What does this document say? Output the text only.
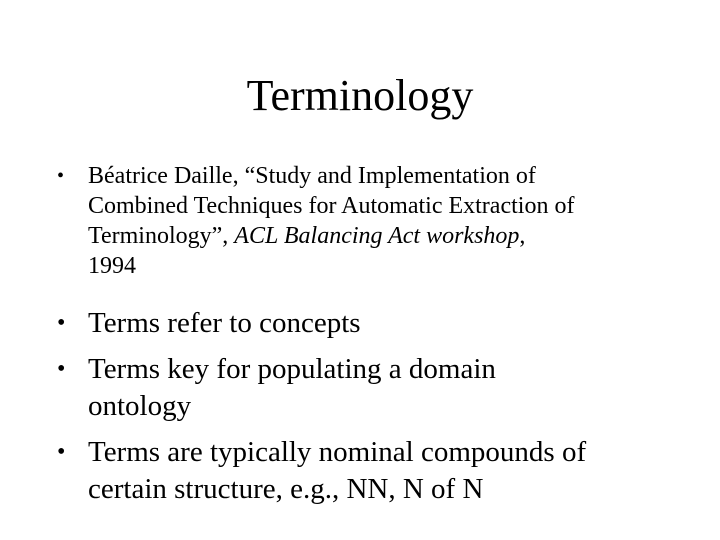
Terminology
• Béatrice Daille, “Study and Implementation of
Combined Techniques for Automatic Extraction of
Terminology”, ACL Balancing Act workshop,
1994
• Terms refer to concepts
• Terms key for populating a domain
ontology
• Terms are typically nominal compounds of
certain structure, e.g., NN, N of N
